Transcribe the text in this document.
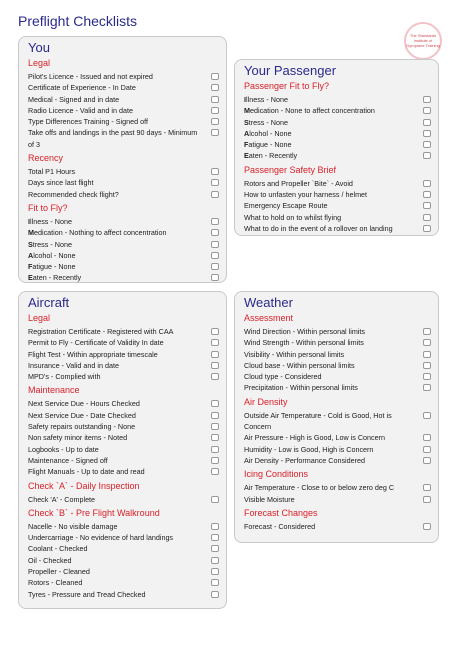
Preflight Checklists
The Standards Institute of Gyroplane Training
You
Legal
Pilot's Licence - Issued and not expired
Certificate of Experience - In Date
Medical - Signed and in date
Radio Licence - Valid and in date
Type Differences Training - Signed off
Take offs and landings in the past 90 days - Minimum of 3
Recency
Total P1 Hours
Days since last flight
Recommended check flight?
Fit to Fly?
Illness - None
Medication - Nothing to affect concentration
Stress - None
Alcohol - None
Fatigue - None
Eaten - Recently
Your Passenger
Passenger Fit to Fly?
Illness - None
Medication - None to affect concentration
Stress - None
Alcohol - None
Fatigue - None
Eaten - Recently
Passenger Safety Brief
Rotors and Propeller `Bite` - Avoid
How to unfasten your harness / helmet
Emergency Escape Route
What to hold on to whilst flying
What to do in the event of a rollover on landing
Aircraft
Legal
Registration Certificate - Registered with CAA
Permit to Fly - Certificate of Validity In date
Flight Test - Within appropriate timescale
Insurance - Valid and in date
MPD's - Complied with
Maintenance
Next Service Due - Hours Checked
Next Service Due - Date Checked
Safety repairs outstanding - None
Non safety minor items - Noted
Logbooks - Up to date
Maintenance - Signed off
Flight Manuals - Up to date and read
Check `A` - Daily Inspection
Check 'A' - Complete
Check `B` - Pre Flight Walkround
Nacelle - No visible damage
Undercarriage - No evidence of hard landings
Coolant - Checked
Oil - Checked
Propeller - Cleaned
Rotors - Cleaned
Tyres - Pressure and Tread Checked
Weather
Assessment
Wind Direction - Within personal limits
Wind Strength - Within personal limits
Visibility - Within personal limits
Cloud base - Within personal limits
Cloud type - Considered
Precipitation - Within personal limits
Air Density
Outside Air Temperature - Cold is Good, Hot is Concern
Air Pressure - High is Good, Low is Concern
Humidity - Low is Good, High is Concern
Air Density - Performance Considered
Icing Conditions
Air Temperature - Close to or below zero deg C
Visible Moisture
Forecast Changes
Forecast - Considered
